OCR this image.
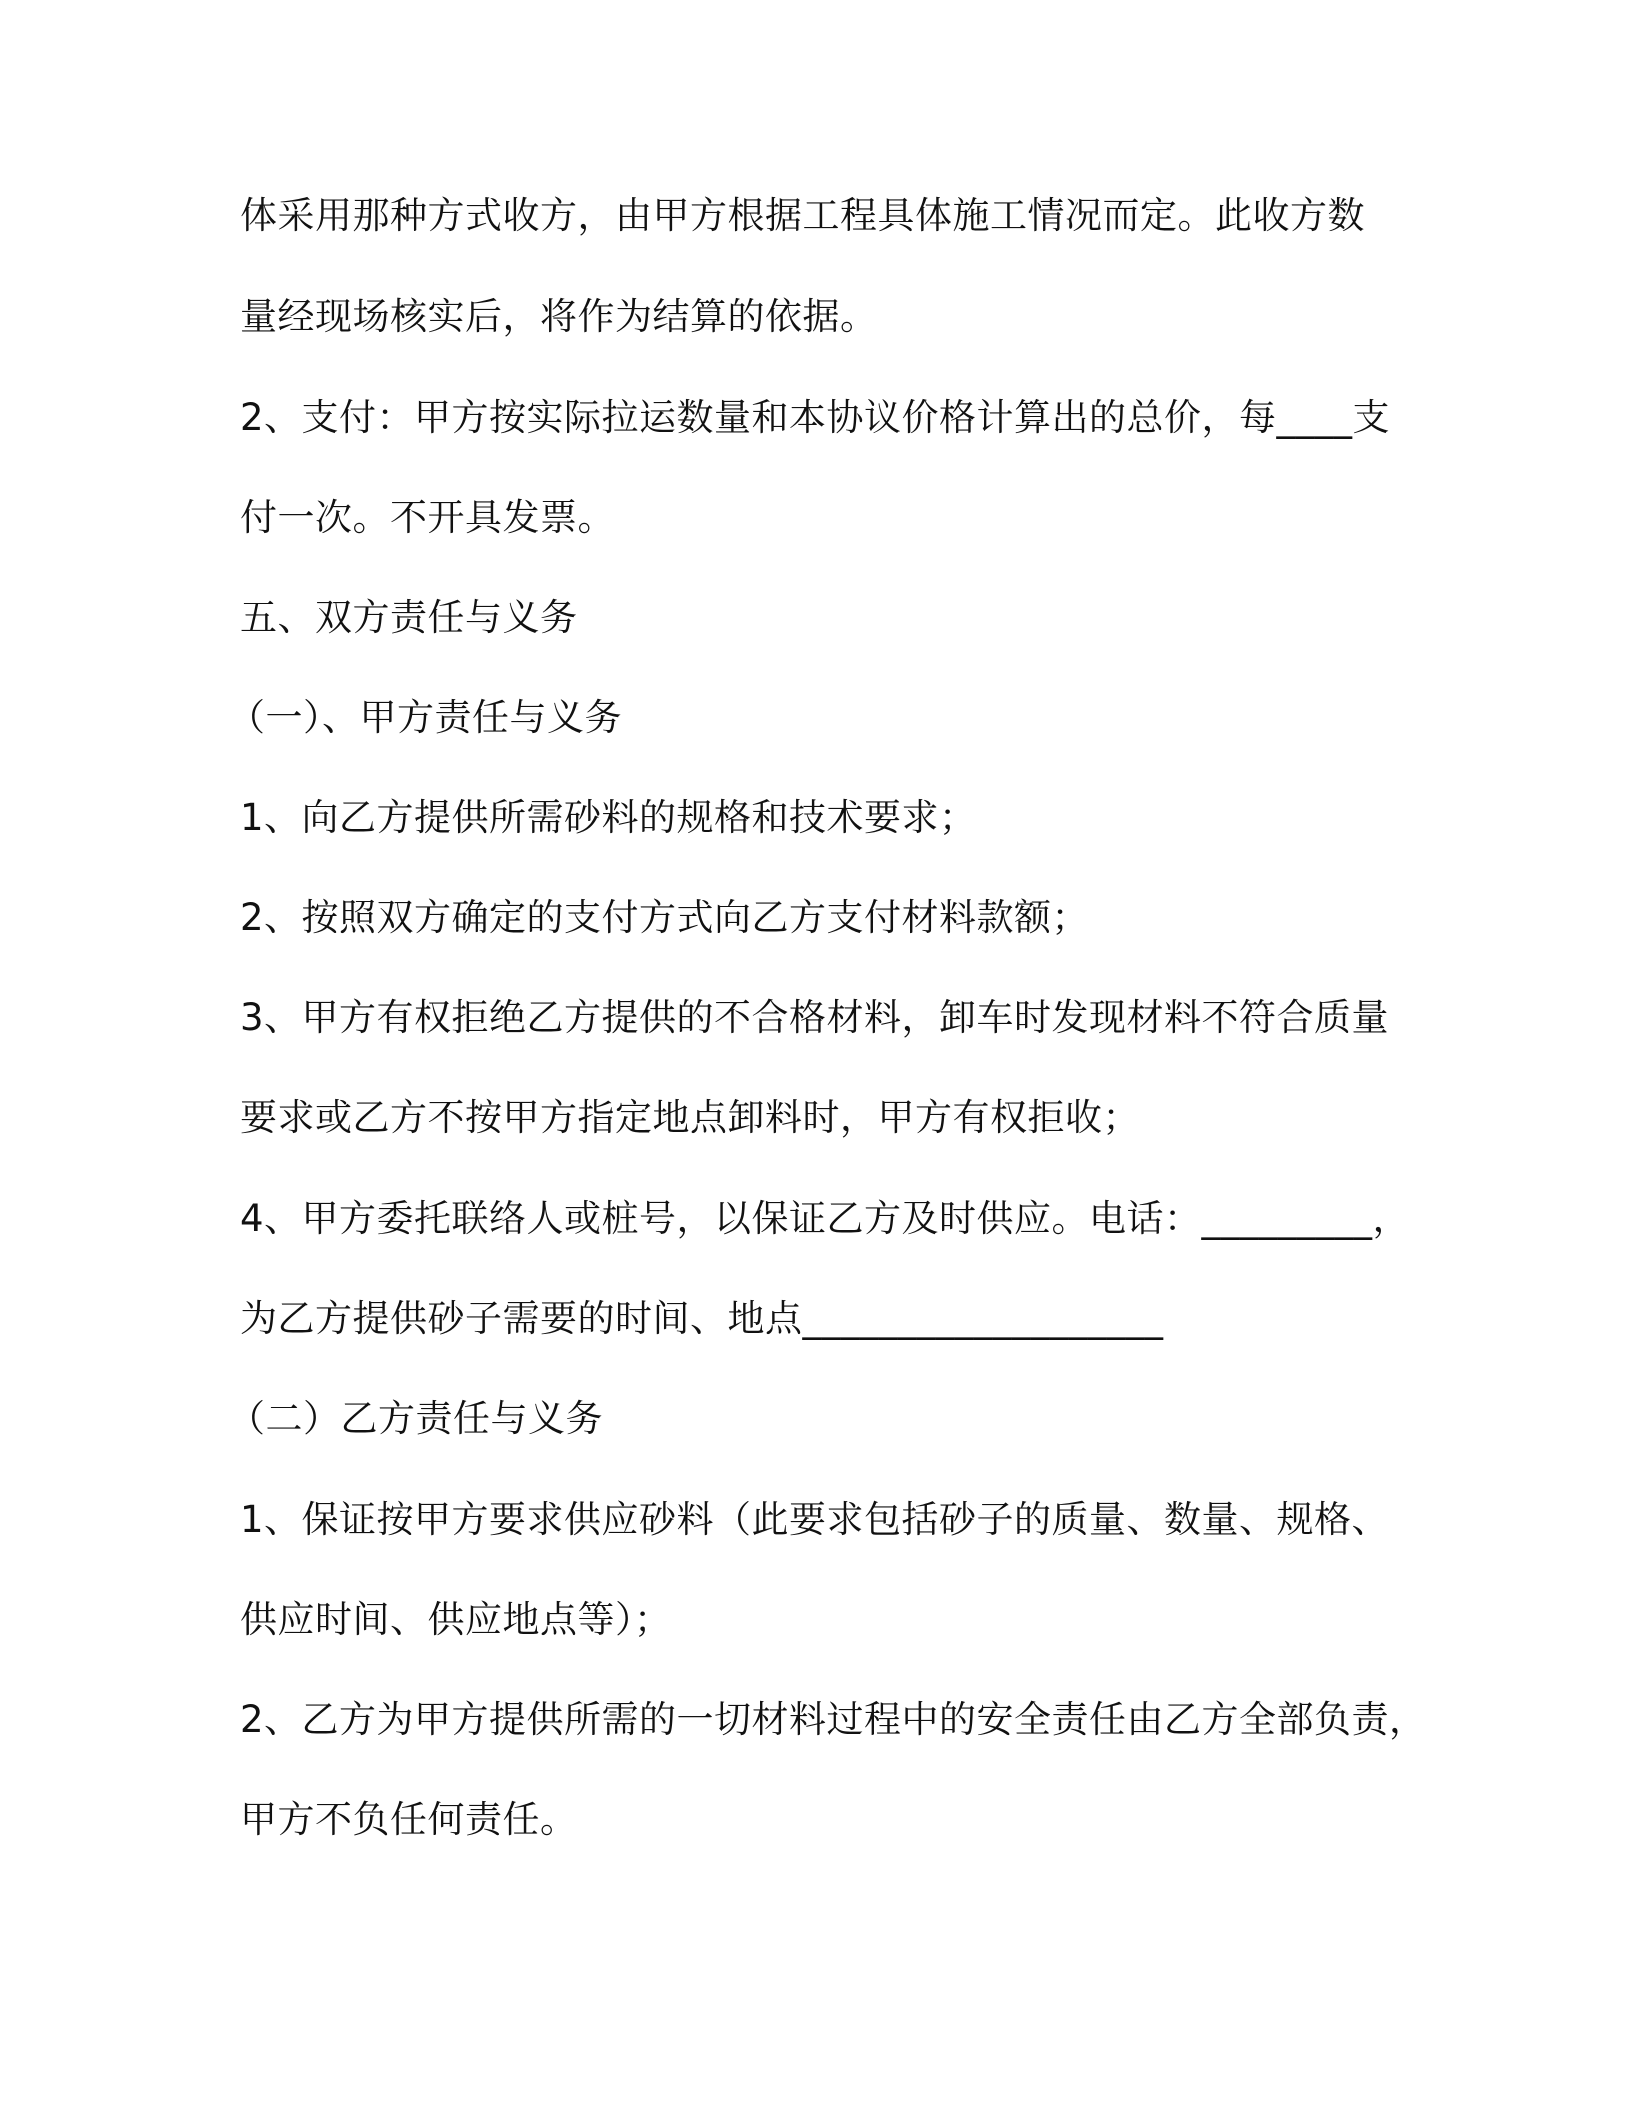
体采用那种方式收方，由甲方根据工程具体施工情况而定。此收方数
量经现场核实后，将作为结算的依据。
2、支付：甲方按实际拉运数量和本协议价格计算出的总价，每____支
付一次。不开具发票。
五、双方责任与义务
（一）、甲方责任与义务
1、向乙方提供所需砂料的规格和技术要求；
2、按照双方确定的支付方式向乙方支付材料款额；
3、甲方有权拒绝乙方提供的不合格材料，卸车时发现材料不符合质量
要求或乙方不按甲方指定地点卸料时，甲方有权拒收；
4、甲方委托联络人或桩号，以保证乙方及时供应。电话：_________，
为乙方提供砂子需要的时间、地点___________________
（二）乙方责任与义务
1、保证按甲方要求供应砂料（此要求包括砂子的质量、数量、规格、
供应时间、供应地点等）；
2、乙方为甲方提供所需的一切材料过程中的安全责任由乙方全部负责，
甲方不负任何责任。
